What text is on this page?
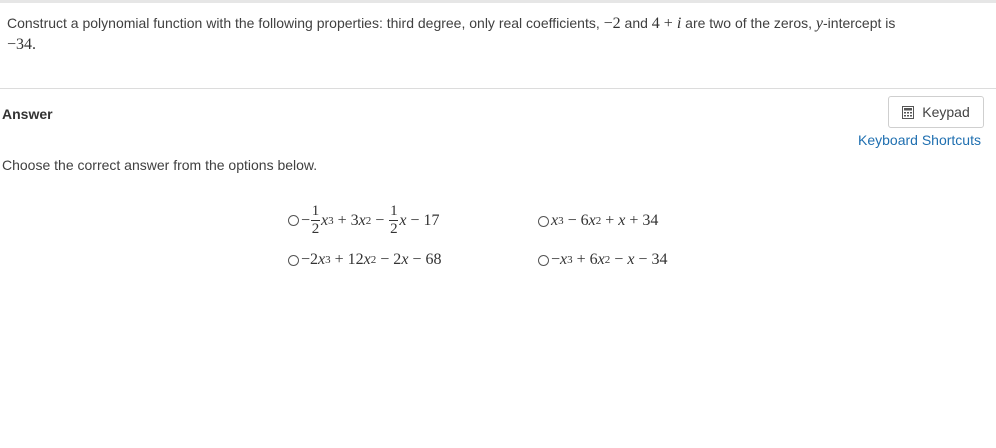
Construct a polynomial function with the following properties: third degree, only real coefficients, −2 and 4 + i are two of the zeros, y-intercept is
−34.
Answer	Keypad
Keyboard Shortcuts
Choose the correct answer from the options below.
− $\frac{1}{2}$ x 3 + 3 x $2 - \frac{1}{2}$ x − 17	x 3 − 6 x 2 + x + 34
−2 x 3 + 12 x 2 − 2 x − 68	− x 3 + 6 x 2 − x − 34
